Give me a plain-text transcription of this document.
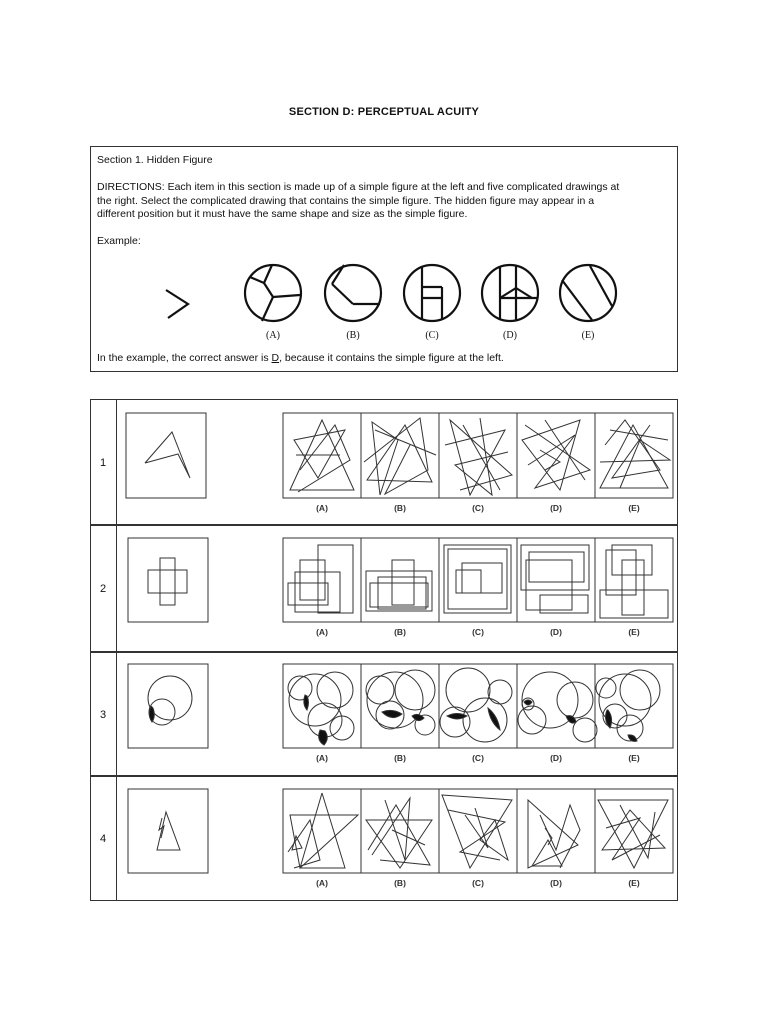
SECTION D: PERCEPTUAL ACUITY
Section 1. Hidden Figure
DIRECTIONS: Each item in this section is made up of a simple figure at the left and five complicated drawings at
the right. Select the complicated drawing that contains the simple figure. The hidden figure may appear in a
different position but it must have the same shape and size as the simple figure.
Example:
In the example, the correct answer is D, because it contains the simple figure at the left.
(A)	(B)	(C)	(D)	(E)
1
2
3
4
(A)	(B)	(C)	(D)	(E)
(A)	(B)	(C)	(D)	(E)
(A)	(B)	(C)	(D)	(E)
(A)	(B)	(C)	(D)	(E)
